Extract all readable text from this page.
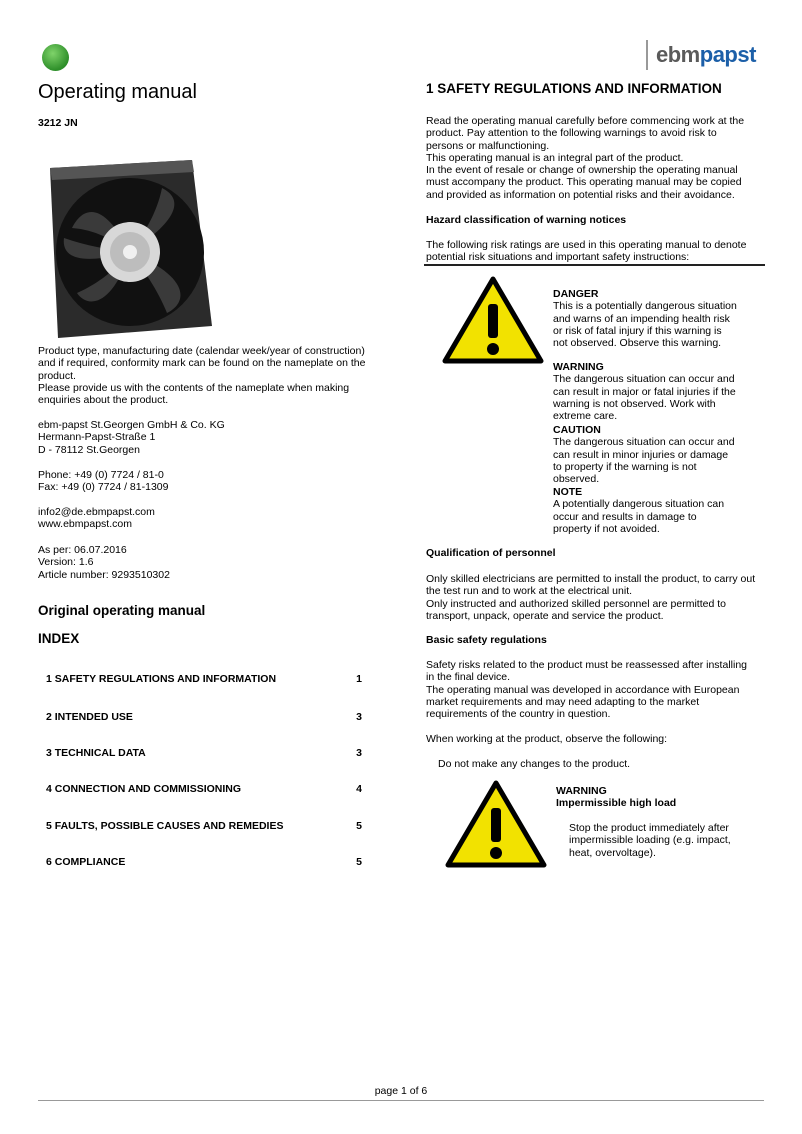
ebmpapst
Operating manual
3212 JN
Product type, manufacturing date (calendar week/year of construction)
and if required, conformity mark can be found on the nameplate on the
product.
Please provide us with the contents of the nameplate when making
enquiries about the product.
ebm-papst St.Georgen GmbH & Co. KG
Hermann-Papst-Straße 1
D - 78112 St.Georgen
Phone: +49 (0) 7724 / 81-0
Fax: +49 (0) 7724 / 81-1309
info2@de.ebmpapst.com
www.ebmpapst.com
As per: 06.07.2016
Version: 1.6
Article number: 9293510302
Original operating manual
INDEX
1 SAFETY REGULATIONS AND INFORMATION	1
2 INTENDED USE	3
3 TECHNICAL DATA	3
4 CONNECTION AND COMMISSIONING	4
5 FAULTS, POSSIBLE CAUSES AND REMEDIES	5
6 COMPLIANCE	5
1 SAFETY REGULATIONS AND INFORMATION
Read the operating manual carefully before commencing work at the
product. Pay attention to the following warnings to avoid risk to
persons or malfunctioning.
This operating manual is an integral part of the product.
In the event of resale or change of ownership the operating manual
must accompany the product. This operating manual may be copied
and provided as information on potential risks and their avoidance.
Hazard classification of warning notices
The following risk ratings are used in this operating manual to denote
potential risk situations and important safety instructions:
DANGER
This is a potentially dangerous situation
and warns of an impending health risk
or risk of fatal injury if this warning is
not observed. Observe this warning.
WARNING
The dangerous situation can occur and
can result in major or fatal injuries if the
warning is not observed. Work with
extreme care.
CAUTION
The dangerous situation can occur and
can result in minor injuries or damage
to property if the warning is not
observed.
NOTE
A potentially dangerous situation can
occur and results in damage to
property if not avoided.
Qualification of personnel
Only skilled electricians are permitted to install the product, to carry out
the test run and to work at the electrical unit.
Only instructed and authorized skilled personnel are permitted to
transport, unpack, operate and service the product.
Basic safety regulations
Safety risks related to the product must be reassessed after installing
in the final device.
The operating manual was developed in accordance with European
market requirements and may need adapting to the market
requirements of the country in question.
When working at the product, observe the following:
Do not make any changes to the product.
WARNING
Impermissible high load
Stop the product immediately after
impermissible loading (e.g. impact,
heat, overvoltage).
page 1 of 6
